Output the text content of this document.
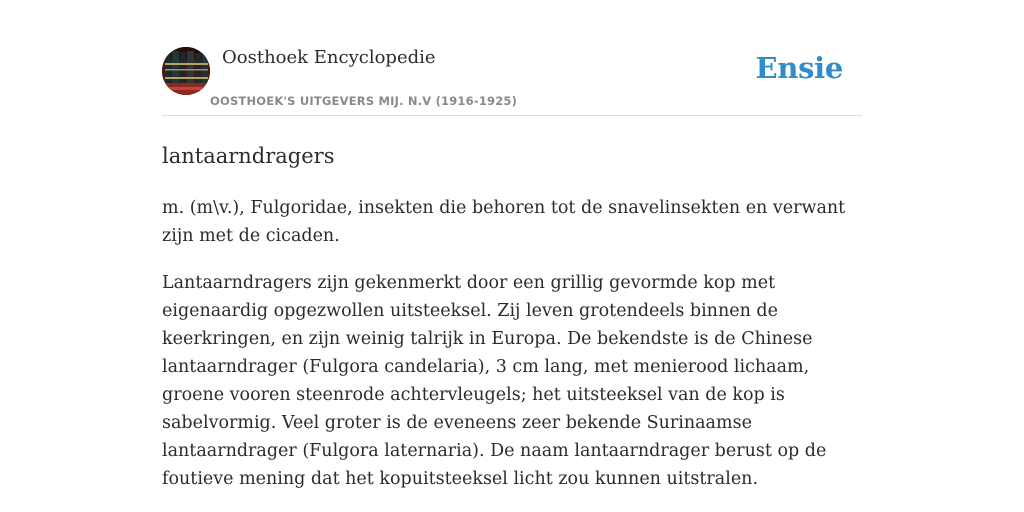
Oosthoek Encyclopedie
OOSTHOEK'S UITGEVERS MIJ. N.V (1916-1925)
Ensie
lantaarndragers

m. (m\v.), Fulgoridae, insekten die behoren tot de snavelinsekten en verwant zijn met de cicaden.

Lantaarndragers zijn gekenmerkt door een grillig gevormde kop met eigenaardig opgezwollen uitsteeksel. Zij leven grotendeels binnen de keerkringen, en zijn weinig talrijk in Europa. De bekendste is de Chinese lantaarndrager (Fulgora candelaria), 3 cm lang, met menierood lichaam, groene vooren steenrode achtervleugels; het uitsteeksel van de kop is sabelvormig. Veel groter is de eveneens zeer bekende Surinaamse lantaarndrager (Fulgora laternaria). De naam lantaarndrager berust op de foutieve mening dat het kopuitsteeksel licht zou kunnen uitstralen.
